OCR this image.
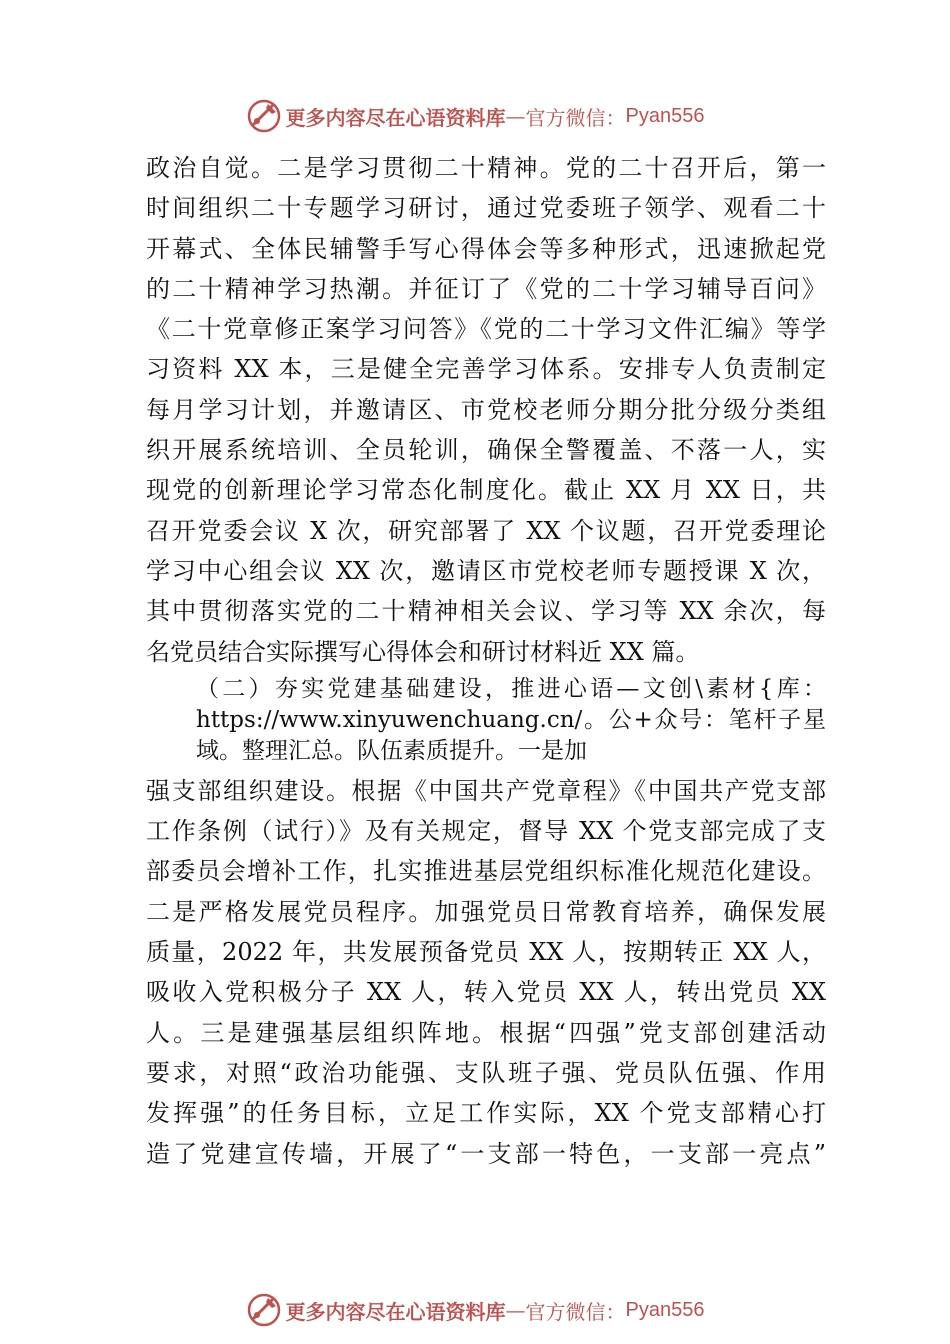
更多内容尽在心语资料库 — 官方微信： Pyan556
政治自觉。二是学习贯彻二十精神。党的二十召开后，第一
时间组织二十专题学习研讨，通过党委班子领学、观看二十
开幕式、全体民辅警手写心得体会等多种形式，迅速掀起党
的二十精神学习热潮。并征订了《党的二十学习辅导百问》
《二十党章修正案学习问答》《党的二十学习文件汇编》等学
习资料 XX 本，三是健全完善学习体系。安排专人负责制定
每月学习计划，并邀请区、市党校老师分期分批分级分类组
织开展系统培训、全员轮训，确保全警覆盖、不落一人，实
现党的创新理论学习常态化制度化。截止 XX 月 XX 日，共
召开党委会议 X 次，研究部署了 XX 个议题，召开党委理论
学习中心组会议 XX 次，邀请区市党校老师专题授课 X 次，
其中贯彻落实党的二十精神相关会议、学习等 XX 余次，每
名党员结合实际撰写心得体会和研讨材料近 XX 篇。
（二）夯实党建基础建设，推进心语—文创\素材{库：
https://www.xinyuwenchuang.cn/。公+众号：笔杆子星
域。整理汇总。队伍素质提升。一是加
强支部组织建设。根据《中国共产党章程》《中国共产党支部
工作条例（试行）》及有关规定，督导 XX 个党支部完成了支
部委员会增补工作，扎实推进基层党组织标准化规范化建设。
二是严格发展党员程序。加强党员日常教育培养，确保发展
质量，2022 年，共发展预备党员 XX 人，按期转正 XX 人，
吸收入党积极分子 XX 人，转入党员 XX 人，转出党员 XX
人。三是建强基层组织阵地。根据“四强”党支部创建活动
要求，对照“政治功能强、支队班子强、党员队伍强、作用
发挥强”的任务目标，立足工作实际，XX 个党支部精心打
造了党建宣传墙，开展了“一支部一特色，一支部一亮点”
更多内容尽在心语资料库 — 官方微信： Pyan556
